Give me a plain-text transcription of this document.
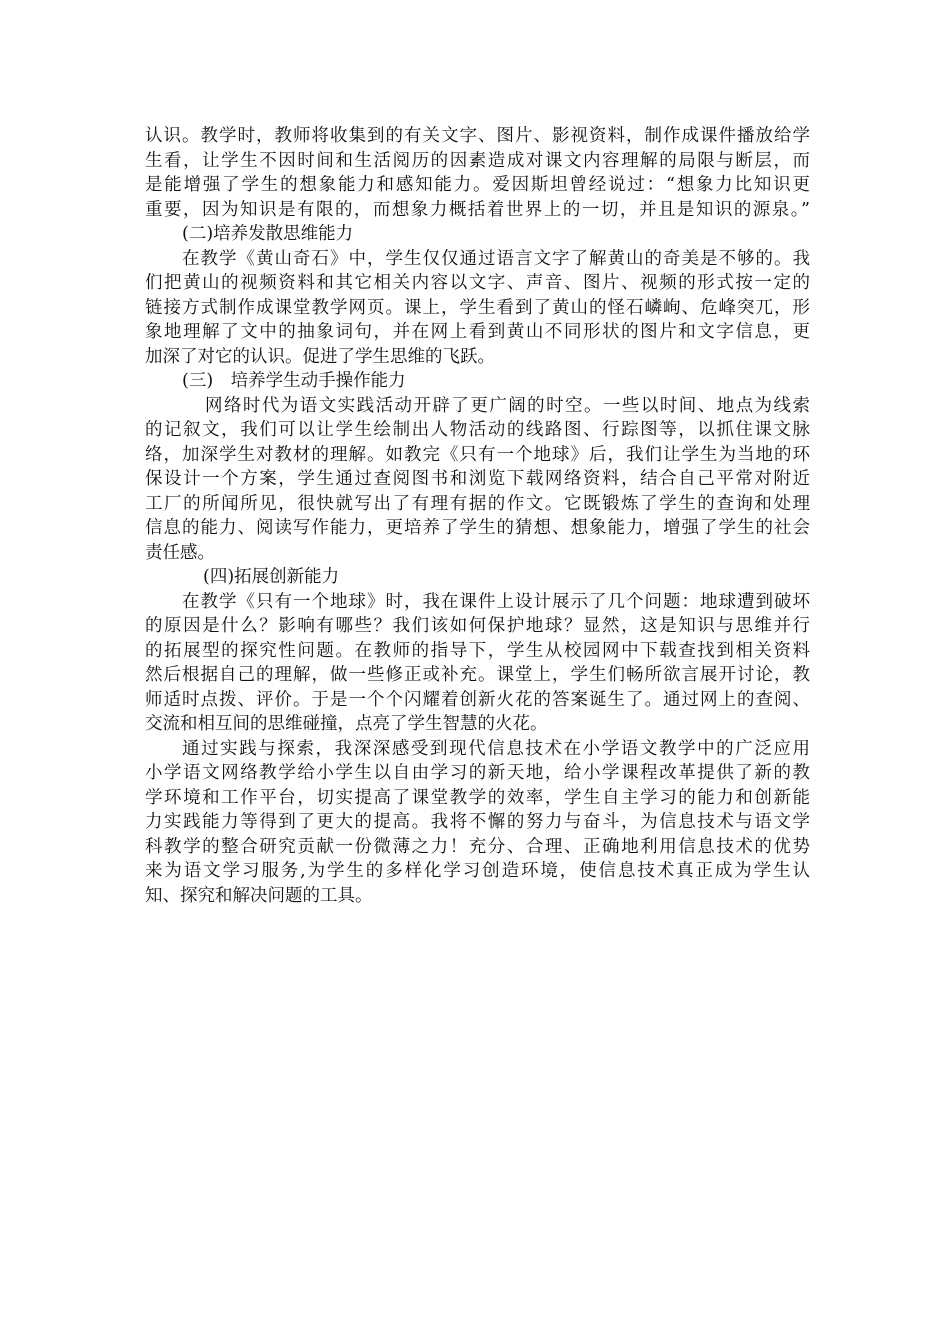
认识。教学时，教师将收集到的有关文字、图片、影视资料，制作成课件播放给学
生看，让学生不因时间和生活阅历的因素造成对课文内容理解的局限与断层，而
是能增强了学生的想象能力和感知能力。爱因斯坦曾经说过：“想象力比知识更
重要，因为知识是有限的，而想象力概括着世界上的一切，并且是知识的源泉。”
(二)培养发散思维能力
在教学《黄山奇石》中，学生仅仅通过语言文字了解黄山的奇美是不够的。我
们把黄山的视频资料和其它相关内容以文字、声音、图片、视频的形式按一定的
链接方式制作成课堂教学网页。课上，学生看到了黄山的怪石嶙峋、危峰突兀，形
象地理解了文中的抽象词句，并在网上看到黄山不同形状的图片和文字信息，更
加深了对它的认识。促进了学生思维的飞跃。
(三)　培养学生动手操作能力
网络时代为语文实践活动开辟了更广阔的时空。一些以时间、地点为线索
的记叙文，我们可以让学生绘制出人物活动的线路图、行踪图等，以抓住课文脉
络，加深学生对教材的理解。如教完《只有一个地球》后，我们让学生为当地的环
保设计一个方案，学生通过查阅图书和浏览下载网络资料，结合自己平常对附近
工厂的所闻所见，很快就写出了有理有据的作文。它既锻炼了学生的查询和处理
信息的能力、阅读写作能力，更培养了学生的猜想、想象能力，增强了学生的社会
责任感。
(四)拓展创新能力
在教学《只有一个地球》时，我在课件上设计展示了几个问题：地球遭到破坏
的原因是什么？影响有哪些？我们该如何保护地球？显然，这是知识与思维并行
的拓展型的探究性问题。在教师的指导下，学生从校园网中下载查找到相关资料
然后根据自己的理解，做一些修正或补充。课堂上，学生们畅所欲言展开讨论，教
师适时点拨、评价。于是一个个闪耀着创新火花的答案诞生了。通过网上的查阅、
交流和相互间的思维碰撞，点亮了学生智慧的火花。
通过实践与探索，我深深感受到现代信息技术在小学语文教学中的广泛应用
小学语文网络教学给小学生以自由学习的新天地，给小学课程改革提供了新的教
学环境和工作平台，切实提高了课堂教学的效率，学生自主学习的能力和创新能
力实践能力等得到了更大的提高。我将不懈的努力与奋斗，为信息技术与语文学
科教学的整合研究贡献一份微薄之力！充分、合理、正确地利用信息技术的优势
来为语文学习服务,为学生的多样化学习创造环境，使信息技术真正成为学生认
知、探究和解决问题的工具。
